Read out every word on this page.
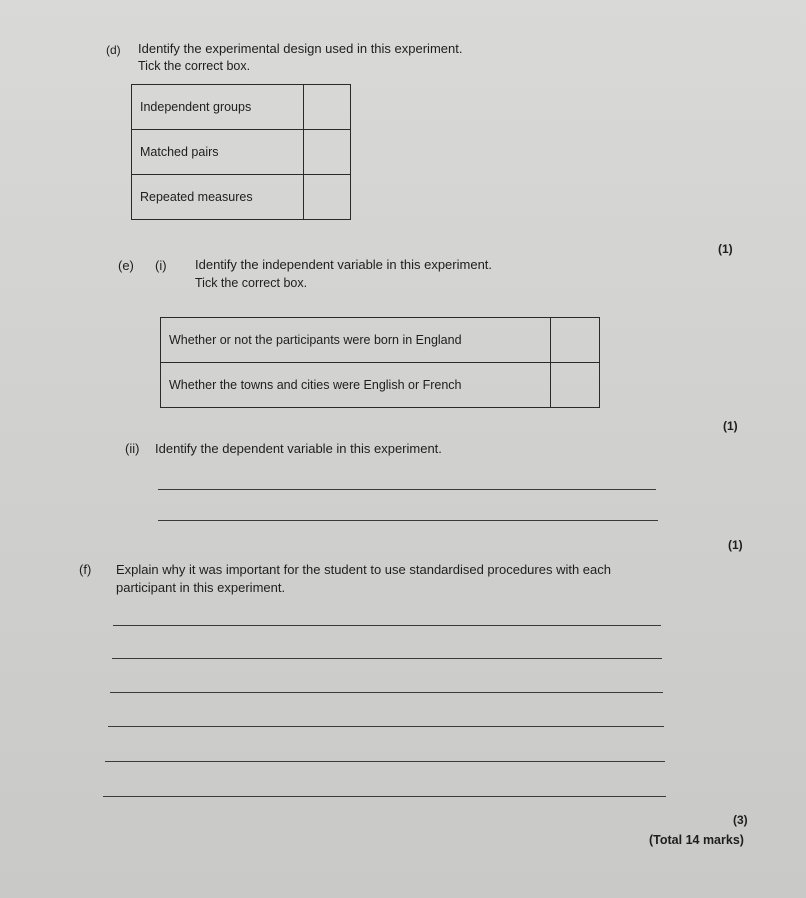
(d) Identify the experimental design used in this experiment.
Tick the correct box.
Independent groups	
Matched pairs	
Repeated measures	
(1)
(e) (i) Identify the independent variable in this experiment.
Tick the correct box.
Whether or not the participants were born in England	
Whether the towns and cities were English or French	
(1)
(ii) Identify the dependent variable in this experiment.
(1)
(f) Explain why it was important for the student to use standardised procedures with each
participant in this experiment.
(3)
(Total 14 marks)
